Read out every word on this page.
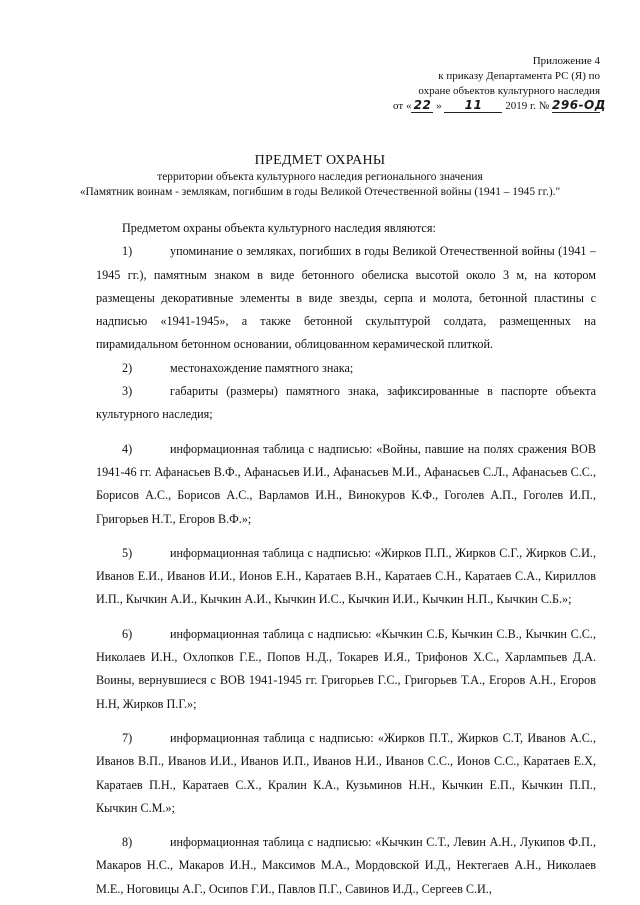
Приложение 4
к приказу Департамента РС (Я) по
охране объектов культурного наследия
от « 22 » 11 2019 г. № 296-ОД
ПРЕДМЕТ ОХРАНЫ
территории объекта культурного наследия регионального значения
«Памятник воинам - землякам, погибшим в годы Великой Отечественной войны (1941 – 1945 гг.)."

Предметом охраны объекта культурного наследия являются:

1)	упоминание о земляках, погибших в годы Великой Отечественной войны (1941 – 1945 гг.), памятным знаком в виде бетонного обелиска высотой около 3 м, на котором размещены декоративные элементы в виде звезды, серпа и молота, бетонной пластины с надписью «1941-1945», а также бетонной скульптурой солдата, размещенных на пирамидальном бетонном основании, облицованном керамической плиткой.

2)	местонахождение памятного знака;

3)	габариты (размеры) памятного знака, зафиксированные в паспорте объекта культурного наследия;

4)	информационная таблица с надписью: «Войны, павшие на полях сражения ВОВ 1941-46 гг. Афанасьев В.Ф., Афанасьев И.И., Афанасьев М.И., Афанасьев С.Л., Афанасьев С.С., Борисов А.С., Борисов А.С., Варламов И.Н., Винокуров К.Ф., Гоголев А.П., Гоголев И.П., Григорьев Н.Т., Егоров В.Ф.»;

5)	информационная таблица с надписью: «Жирков П.П., Жирков С.Г., Жирков С.И., Иванов Е.И., Иванов И.И., Ионов Е.Н., Каратаев В.Н., Каратаев С.Н., Каратаев С.А., Кириллов И.П., Кычкин А.И., Кычкин А.И., Кычкин И.С., Кычкин И.И., Кычкин Н.П., Кычкин С.Б.»;

6)	информационная таблица с надписью: «Кычкин С.Б, Кычкин С.В., Кычкин С.С., Николаев И.Н., Охлопков Г.Е., Попов Н.Д., Токарев И.Я., Трифонов Х.С., Харлампьев Д.А. Воины, вернувшиеся с ВОВ 1941-1945 гг. Григорьев Г.С., Григорьев Т.А., Егоров А.Н., Егоров Н.Н, Жирков П.Г.»;

7)	информационная таблица с надписью: «Жирков П.Т., Жирков С.Т, Иванов А.С., Иванов В.П., Иванов И.И., Иванов И.П., Иванов Н.И., Иванов С.С., Ионов С.С., Каратаев Е.Х, Каратаев П.Н., Каратаев С.Х., Кралин К.А., Кузьминов Н.Н., Кычкин Е.П., Кычкин П.П., Кычкин С.М.»;

8)	информационная таблица с надписью: «Кычкин С.Т., Левин А.Н., Лукипов Ф.П., Макаров Н.С., Макаров И.Н., Максимов М.А., Мордовской И.Д., Нектегаев А.Н., Николаев М.Е., Ноговицы А.Г., Осипов Г.И., Павлов П.Г., Савинов И.Д., Сергеев С.И.,
